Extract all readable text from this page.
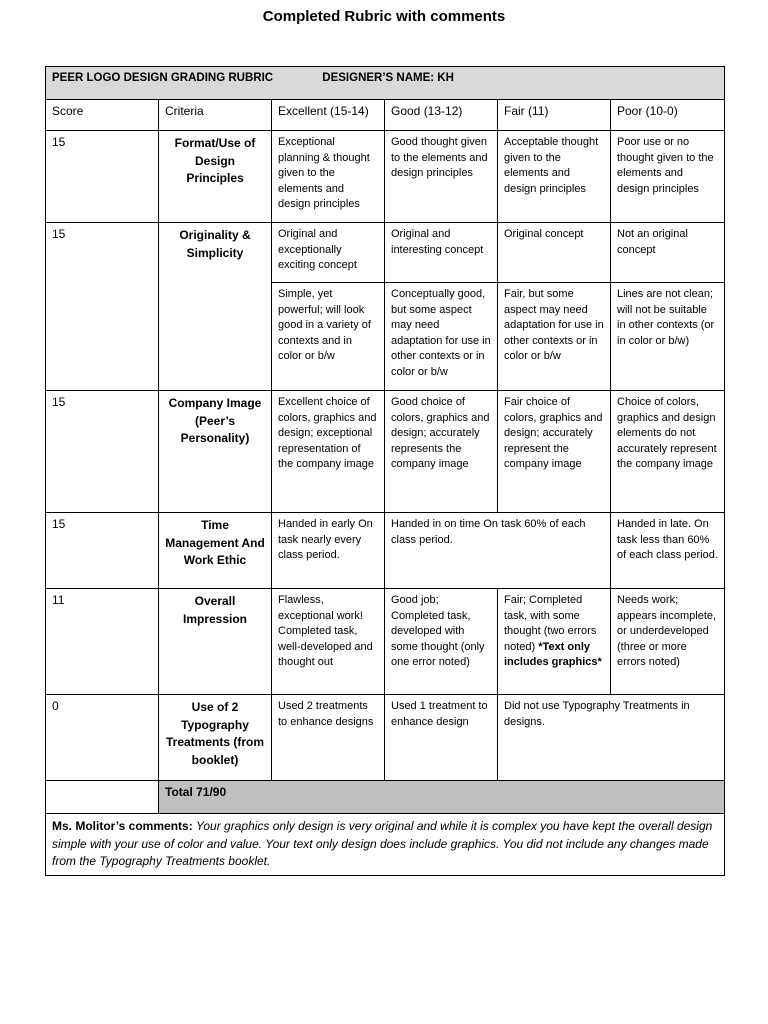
Completed Rubric with comments
PEER LOGO DESIGN GRADING RUBRIC DESIGNER’S NAME: KH					
Score	Criteria	Excellent (15-14)	Good (13-12)	Fair (11)	Poor (10-0)
15	Format/Use of Design Principles	Exceptional planning & thought given to the elements and design principles	Good thought given to the elements and design principles	Acceptable thought given to the elements and design principles	Poor use or no thought given to the elements and design principles
15	Originality & Simplicity	Original and exceptionally exciting concept	Original and interesting concept	Original concept	Not an original concept
		Simple, yet powerful; will look good in a variety of contexts and in color or b/w	Conceptually good, but some aspect may need adaptation for use in other contexts or in color or b/w	Fair, but some aspect may need adaptation for use in other contexts or in color or b/w	Lines are not clean; will not be suitable in other contexts (or in color or b/w)
15	Company Image (Peer’s Personality)	Excellent choice of colors, graphics and design; exceptional representation of the company image	Good choice of colors, graphics and design; accurately represents the company image	Fair choice of colors, graphics and design; accurately represent the company image	Choice of colors, graphics and design elements do not accurately represent the company image
15	Time Management And Work Ethic	Handed in early On task nearly every class period.	Handed in on time On task 60% of each class period.		Handed in late. On task less than 60% of each class period.
11	Overall Impression	Flawless, exceptional work! Completed task, well-developed and thought out	Good job; Completed task, developed with some thought (only one error noted)	Fair; Completed task, with some thought (two errors noted) *Text only includes graphics*	Needs work; appears incomplete, or underdeveloped (three or more errors noted)
0	Use of 2 Typography Treatments (from booklet)	Used 2 treatments to enhance designs	Used 1 treatment to enhance design	Did not use Typography Treatments in designs.	
	Total 71/90				
Ms. Molitor’s comments: Your graphics only design is very original and while it is complex you have kept the overall design simple with your use of color and value. Your text only design does include graphics. You did not include any changes made from the Typography Treatments booklet.					
